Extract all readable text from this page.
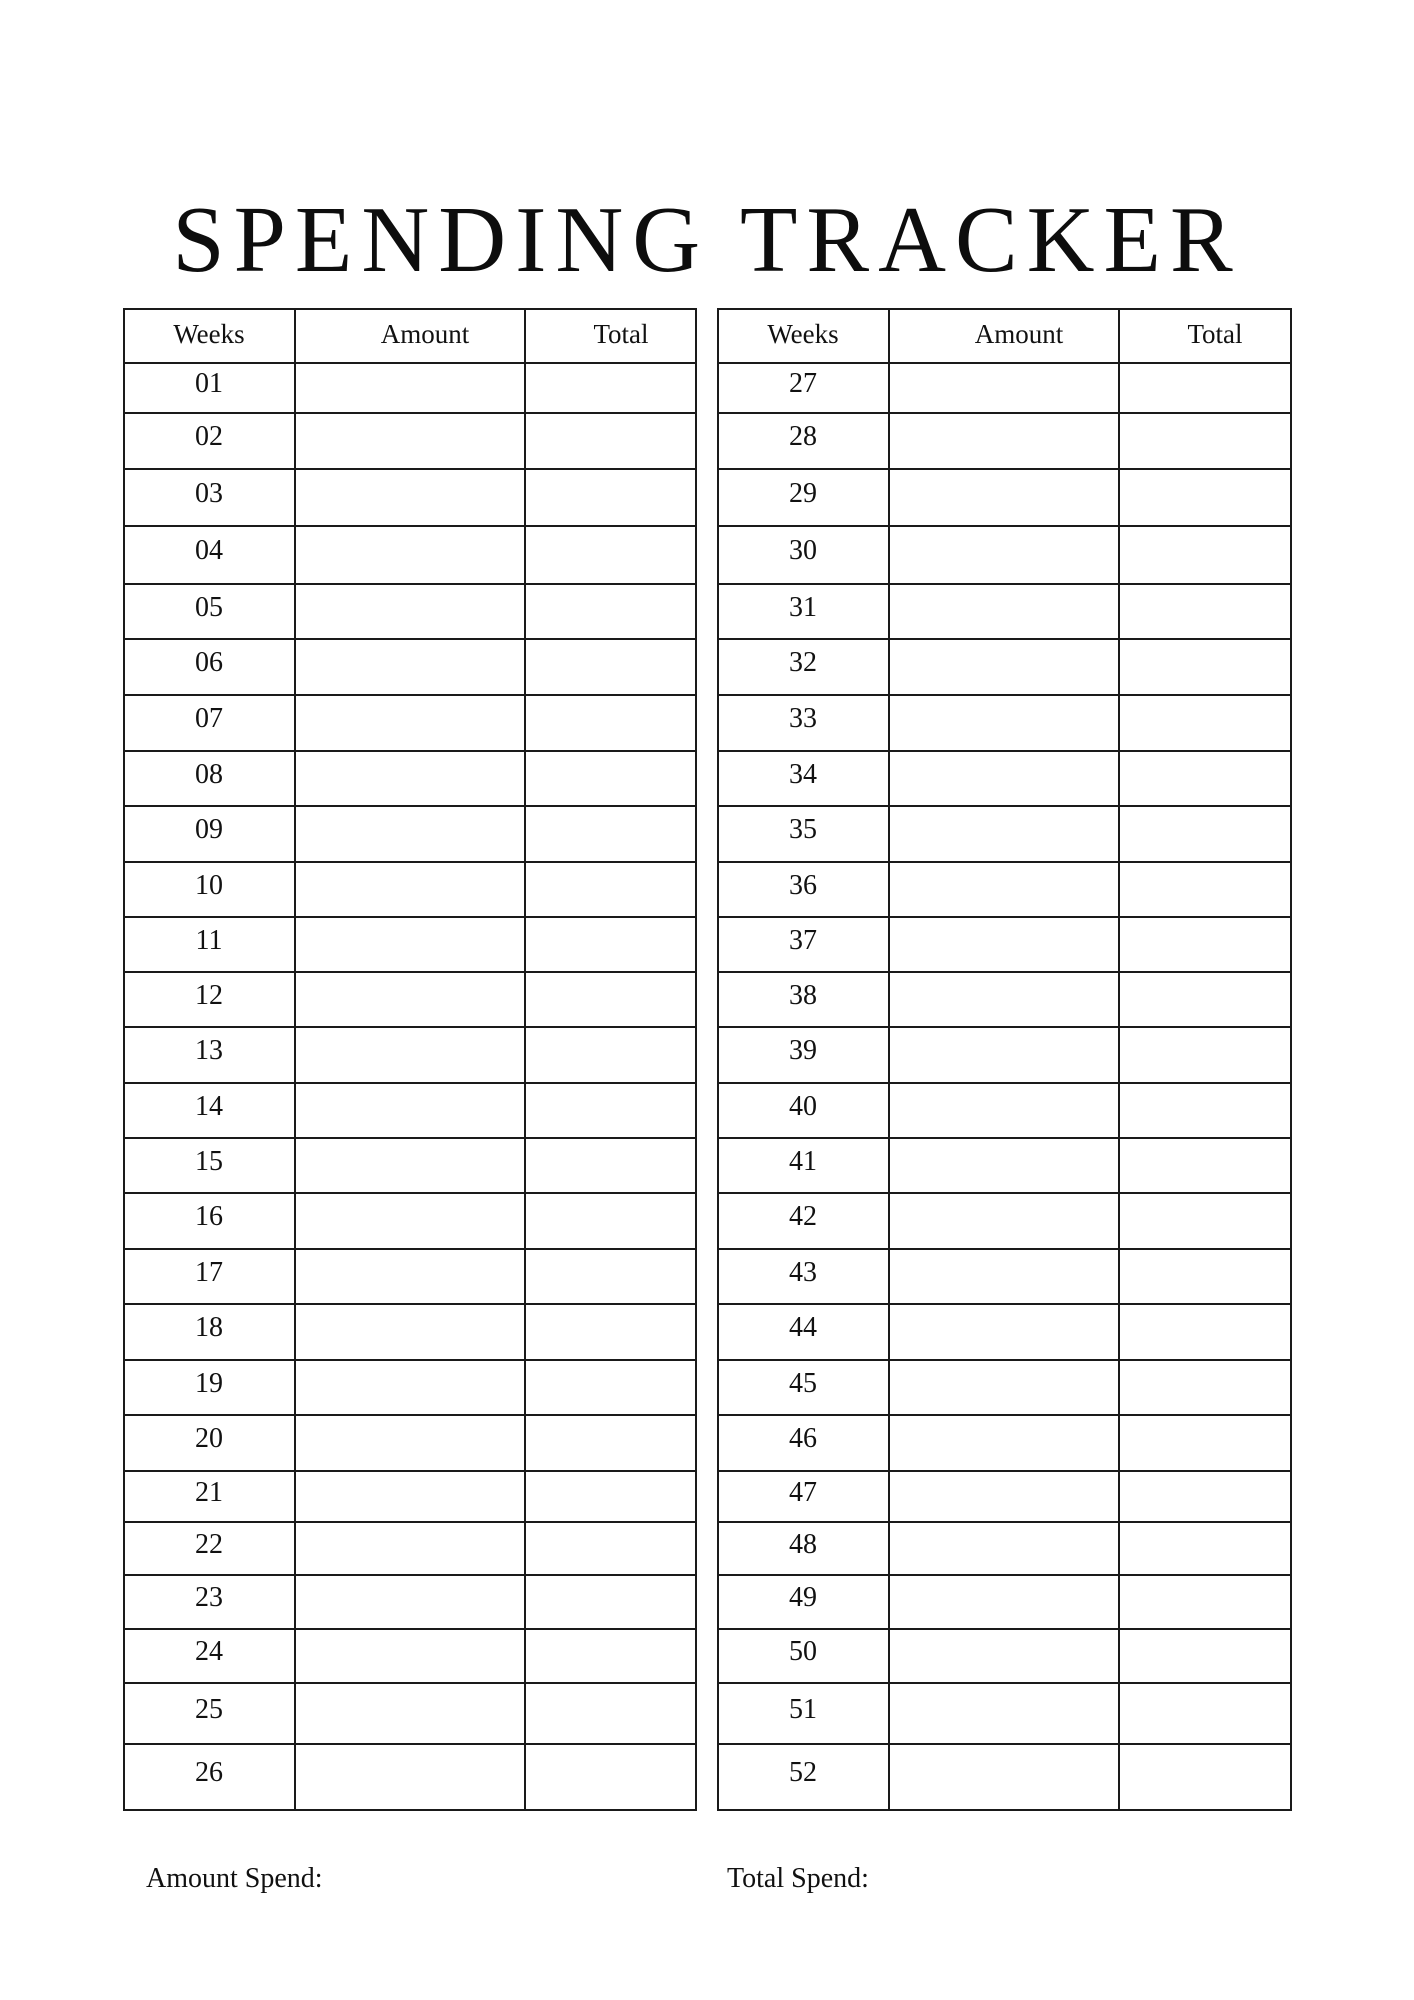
SPENDING TRACKER
Weeks	Amount	Total
01
02
03
04
05
06
07
08
09
10
11
12
13
14
15
16
17
18
19
20
21
22
23
24
25
26
Weeks	Amount	Total
27
28
29
30
31
32
33
34
35
36
37
38
39
40
41
42
43
44
45
46
47
48
49
50
51
52
Amount Spend:	Total Spend:
